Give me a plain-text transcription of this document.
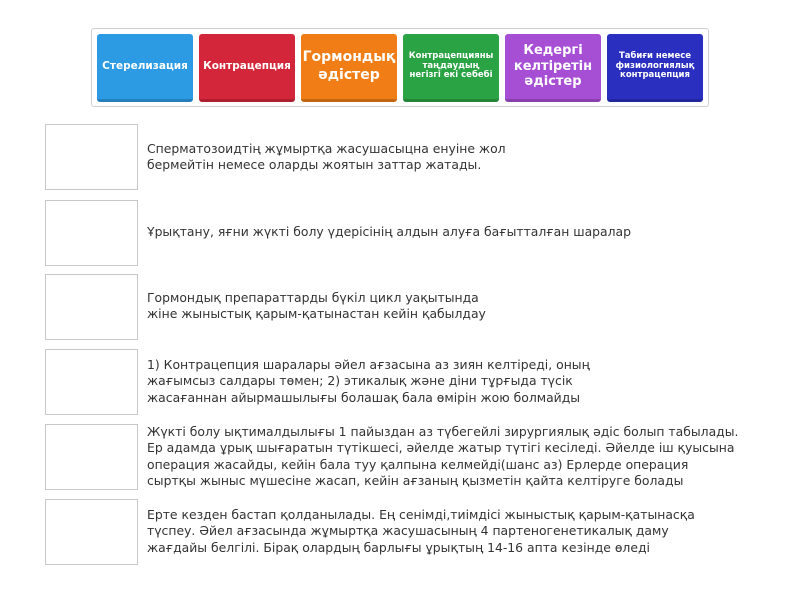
Стерелизация	Контрацепция
Гормондық
әдістер
Контрацепцияны
таңдаудың
негізгі екі себебі
Кедергі
келтіретін
әдістер
Табиғи немесе
физиологиялық
контрацепция
Сперматозоидтің жұмыртқа жасушасыцна енуіне жол
бермейтін немесе оларды жоятын заттар жатады.
Ұрықтану, яғни жүкті болу үдерісінің алдын алуға бағытталған шаралар
Гормондық препараттарды бүкіл цикл уақытында
жіне жыныстық қарым-қатынастан кейін қабылдау
1) Контрацепция шаралары әйел ағзасына аз зиян келтіреді, оның
жағымсыз салдары төмен; 2) этикалық және діни тұрғыда түсік
жасағаннан айырмашылығы болашақ бала өмірін жою болмайды
Жүкті болу ықтималдылығы 1 пайыздан аз түбегейлі зирургиялық әдіс болып табылады.
Ер адамда ұрық шығаратын түтікшесі, әйелде жатыр түтігі кесіледі. Әйелде іш қуысына
операция жасайды, кейін бала туу қалпына келмейді(шанс аз) Ерлерде операция
сыртқы жыныс мүшесіне жасап, кейін ағзаның қызметін қайта келтіруге болады
Ерте кезден бастап қолданылады. Ең сенімді,тиімдісі жыныстық қарым-қатынасқа
түспеу. Әйел ағзасында жұмыртқа жасушасының 4 партеногенетикалық даму
жағдайы белгілі. Бірақ олардың барлығы ұрықтың 14-16 апта кезінде өледі
